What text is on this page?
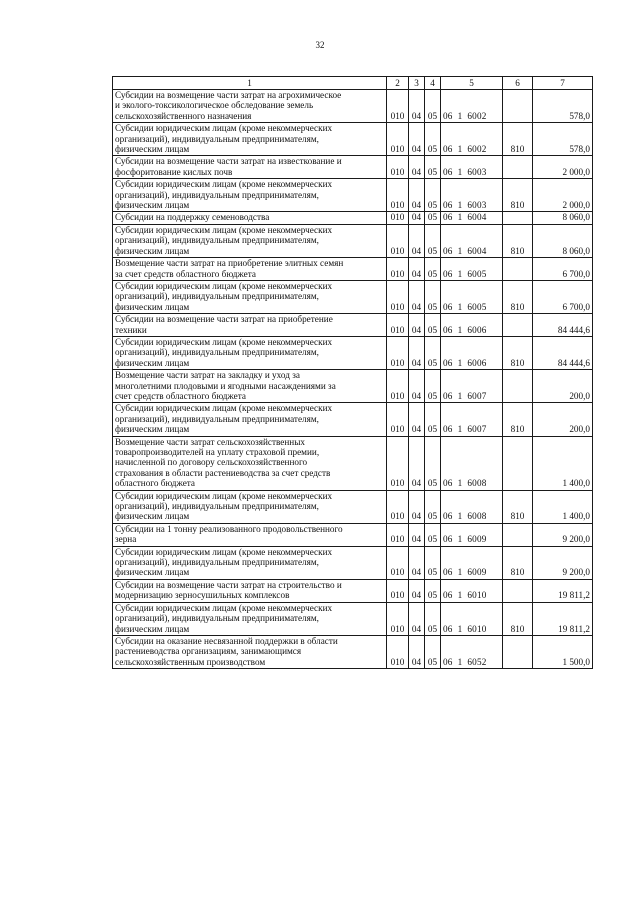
32
1	2	3	4	5	6	7

Субсидии на возмещение части затрат на агрохимическое
и эколого-токсикологическое обследование земель
сельскохозяйственного назначения	010	04	05	06  1  6002		578,0

Субсидии юридическим лицам (кроме некоммерческих
организаций), индивидуальным предпринимателям,
физическим лицам	010	04	05	06  1  6002	810	578,0

Субсидии на возмещение части затрат на известкование и
фосфоритование кислых почв	010	04	05	06  1  6003		2 000,0

Субсидии юридическим лицам (кроме некоммерческих
организаций), индивидуальным предпринимателям,
физическим лицам	010	04	05	06  1  6003	810	2 000,0

Субсидии на поддержку семеноводства	010	04	05	06  1  6004		8 060,0

Субсидии юридическим лицам (кроме некоммерческих
организаций), индивидуальным предпринимателям,
физическим лицам	010	04	05	06  1  6004	810	8 060,0

Возмещение части затрат на приобретение элитных семян
за счет средств областного бюджета	010	04	05	06  1  6005		6 700,0

Субсидии юридическим лицам (кроме некоммерческих
организаций), индивидуальным предпринимателям,
физическим лицам	010	04	05	06  1  6005	810	6 700,0

Субсидии на возмещение части затрат на приобретение
техники	010	04	05	06  1  6006		84 444,6

Субсидии юридическим лицам (кроме некоммерческих
организаций), индивидуальным предпринимателям,
физическим лицам	010	04	05	06  1  6006	810	84 444,6

Возмещение части затрат на закладку и уход за
многолетними плодовыми и ягодными насаждениями за
счет средств областного бюджета	010	04	05	06  1  6007		200,0

Субсидии юридическим лицам (кроме некоммерческих
организаций), индивидуальным предпринимателям,
физическим лицам	010	04	05	06  1  6007	810	200,0

Возмещение части затрат сельскохозяйственных
товаропроизводителей на уплату страховой премии,
начисленной по договору сельскохозяйственного
страхования в области растениеводства за счет средств
областного бюджета	010	04	05	06  1  6008		1 400,0

Субсидии юридическим лицам (кроме некоммерческих
организаций), индивидуальным предпринимателям,
физическим лицам	010	04	05	06  1  6008	810	1 400,0

Субсидии на 1 тонну реализованного продовольственного
зерна	010	04	05	06  1  6009		9 200,0

Субсидии юридическим лицам (кроме некоммерческих
организаций), индивидуальным предпринимателям,
физическим лицам	010	04	05	06  1  6009	810	9 200,0

Субсидии на возмещение части затрат на строительство и
модернизацию зерносушильных комплексов	010	04	05	06  1  6010		19 811,2

Субсидии юридическим лицам (кроме некоммерческих
организаций), индивидуальным предпринимателям,
физическим лицам	010	04	05	06  1  6010	810	19 811,2

Субсидии на оказание несвязанной поддержки в области
растениеводства организациям, занимающимся
сельскохозяйственным производством	010	04	05	06  1  6052		1 500,0
